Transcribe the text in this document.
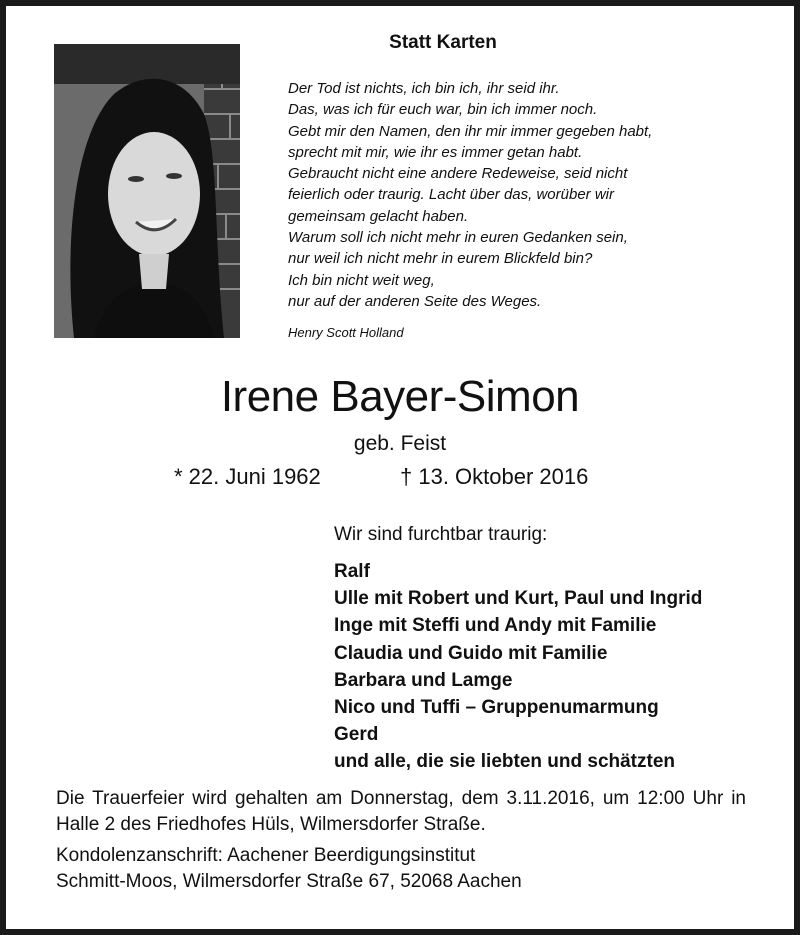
Statt Karten
Der Tod ist nichts, ich bin ich, ihr seid ihr.
Das, was ich für euch war, bin ich immer noch.
Gebt mir den Namen, den ihr mir immer gegeben habt,
sprecht mit mir, wie ihr es immer getan habt.
Gebraucht nicht eine andere Redeweise, seid nicht
feierlich oder traurig. Lacht über das, worüber wir
gemeinsam gelacht haben.
Warum soll ich nicht mehr in euren Gedanken sein,
nur weil ich nicht mehr in eurem Blickfeld bin?
Ich bin nicht weit weg,
nur auf der anderen Seite des Weges.
Henry Scott Holland
Irene Bayer-Simon
geb. Feist
* 22. Juni 1962	† 13. Oktober 2016
Wir sind furchtbar traurig:
Ralf
Ulle mit Robert und Kurt, Paul und Ingrid
Inge mit Steffi und Andy mit Familie
Claudia und Guido mit Familie
Barbara und Lamge
Nico und Tuffi – Gruppenumarmung
Gerd
und alle, die sie liebten und schätzten
Die Trauerfeier wird gehalten am Donnerstag, dem 3.11.2016, um 12:00 Uhr in Halle 2 des Friedhofes Hüls, Wilmersdorfer Straße.
Kondolenzanschrift: Aachener Beerdigungsinstitut
Schmitt-Moos, Wilmersdorfer Straße 67, 52068 Aachen
